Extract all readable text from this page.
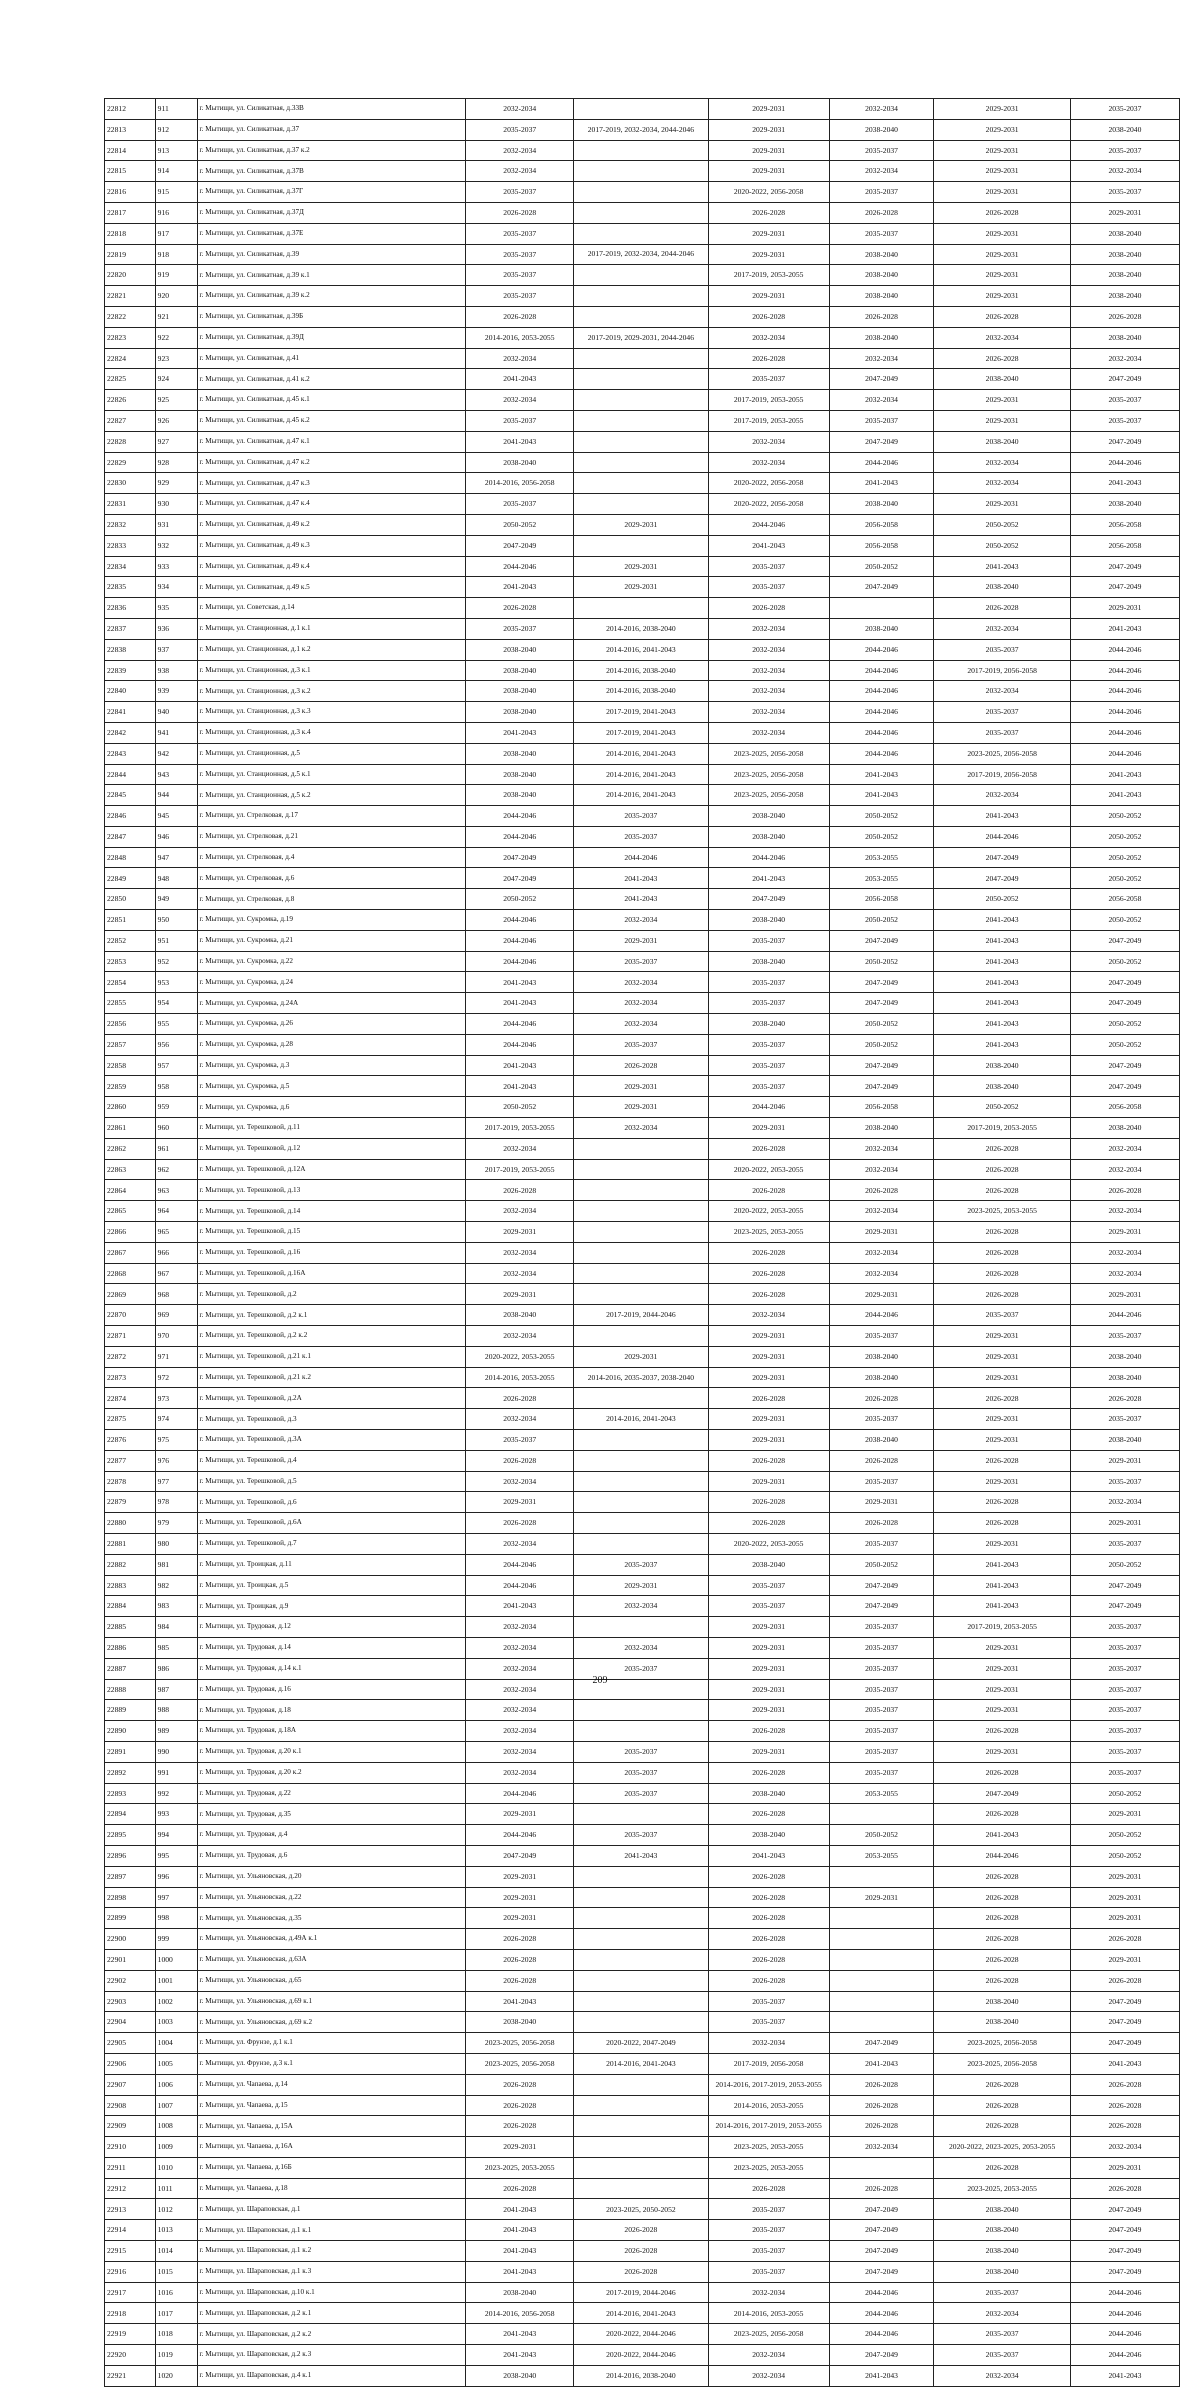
22812	911	г. Мытищи, ул. Силикатная, д.33В	2032-2034		2029-2031	2032-2034	2029-2031	2035-2037
22813	912	г. Мытищи, ул. Силикатная, д.37	2035-2037	2017-2019, 2032-2034, 2044-2046	2029-2031	2038-2040	2029-2031	2038-2040
22814	913	г. Мытищи, ул. Силикатная, д.37 к.2	2032-2034		2029-2031	2035-2037	2029-2031	2035-2037
22815	914	г. Мытищи, ул. Силикатная, д.37В	2032-2034		2029-2031	2032-2034	2029-2031	2032-2034
22816	915	г. Мытищи, ул. Силикатная, д.37Г	2035-2037		2020-2022, 2056-2058	2035-2037	2029-2031	2035-2037
22817	916	г. Мытищи, ул. Силикатная, д.37Д	2026-2028		2026-2028	2026-2028	2026-2028	2029-2031
22818	917	г. Мытищи, ул. Силикатная, д.37Е	2035-2037		2029-2031	2035-2037	2029-2031	2038-2040
22819	918	г. Мытищи, ул. Силикатная, д.39	2035-2037	2017-2019, 2032-2034, 2044-2046	2029-2031	2038-2040	2029-2031	2038-2040
22820	919	г. Мытищи, ул. Силикатная, д.39 к.1	2035-2037		2017-2019, 2053-2055	2038-2040	2029-2031	2038-2040
22821	920	г. Мытищи, ул. Силикатная, д.39 к.2	2035-2037		2029-2031	2038-2040	2029-2031	2038-2040
22822	921	г. Мытищи, ул. Силикатная, д.39Б	2026-2028		2026-2028	2026-2028	2026-2028	2026-2028
22823	922	г. Мытищи, ул. Силикатная, д.39Д	2014-2016, 2053-2055	2017-2019, 2029-2031, 2044-2046	2032-2034	2038-2040	2032-2034	2038-2040
22824	923	г. Мытищи, ул. Силикатная, д.41	2032-2034		2026-2028	2032-2034	2026-2028	2032-2034
22825	924	г. Мытищи, ул. Силикатная, д.41 к.2	2041-2043		2035-2037	2047-2049	2038-2040	2047-2049
22826	925	г. Мытищи, ул. Силикатная, д.45 к.1	2032-2034		2017-2019, 2053-2055	2032-2034	2029-2031	2035-2037
22827	926	г. Мытищи, ул. Силикатная, д.45 к.2	2035-2037		2017-2019, 2053-2055	2035-2037	2029-2031	2035-2037
22828	927	г. Мытищи, ул. Силикатная, д.47 к.1	2041-2043		2032-2034	2047-2049	2038-2040	2047-2049
22829	928	г. Мытищи, ул. Силикатная, д.47 к.2	2038-2040		2032-2034	2044-2046	2032-2034	2044-2046
22830	929	г. Мытищи, ул. Силикатная, д.47 к.3	2014-2016, 2056-2058		2020-2022, 2056-2058	2041-2043	2032-2034	2041-2043
22831	930	г. Мытищи, ул. Силикатная, д.47 к.4	2035-2037		2020-2022, 2056-2058	2038-2040	2029-2031	2038-2040
22832	931	г. Мытищи, ул. Силикатная, д.49 к.2	2050-2052	2029-2031	2044-2046	2056-2058	2050-2052	2056-2058
22833	932	г. Мытищи, ул. Силикатная, д.49 к.3	2047-2049		2041-2043	2056-2058	2050-2052	2056-2058
22834	933	г. Мытищи, ул. Силикатная, д.49 к.4	2044-2046	2029-2031	2035-2037	2050-2052	2041-2043	2047-2049
22835	934	г. Мытищи, ул. Силикатная, д.49 к.5	2041-2043	2029-2031	2035-2037	2047-2049	2038-2040	2047-2049
22836	935	г. Мытищи, ул. Советская, д.14	2026-2028		2026-2028		2026-2028	2029-2031
22837	936	г. Мытищи, ул. Станционная, д.1 к.1	2035-2037	2014-2016, 2038-2040	2032-2034	2038-2040	2032-2034	2041-2043
22838	937	г. Мытищи, ул. Станционная, д.1 к.2	2038-2040	2014-2016, 2041-2043	2032-2034	2044-2046	2035-2037	2044-2046
22839	938	г. Мытищи, ул. Станционная, д.3 к.1	2038-2040	2014-2016, 2038-2040	2032-2034	2044-2046	2017-2019, 2056-2058	2044-2046
22840	939	г. Мытищи, ул. Станционная, д.3 к.2	2038-2040	2014-2016, 2038-2040	2032-2034	2044-2046	2032-2034	2044-2046
22841	940	г. Мытищи, ул. Станционная, д.3 к.3	2038-2040	2017-2019, 2041-2043	2032-2034	2044-2046	2035-2037	2044-2046
22842	941	г. Мытищи, ул. Станционная, д.3 к.4	2041-2043	2017-2019, 2041-2043	2032-2034	2044-2046	2035-2037	2044-2046
22843	942	г. Мытищи, ул. Станционная, д.5	2038-2040	2014-2016, 2041-2043	2023-2025, 2056-2058	2044-2046	2023-2025, 2056-2058	2044-2046
22844	943	г. Мытищи, ул. Станционная, д.5 к.1	2038-2040	2014-2016, 2041-2043	2023-2025, 2056-2058	2041-2043	2017-2019, 2056-2058	2041-2043
22845	944	г. Мытищи, ул. Станционная, д.5 к.2	2038-2040	2014-2016, 2041-2043	2023-2025, 2056-2058	2041-2043	2032-2034	2041-2043
22846	945	г. Мытищи, ул. Стрелковая, д.17	2044-2046	2035-2037	2038-2040	2050-2052	2041-2043	2050-2052
22847	946	г. Мытищи, ул. Стрелковая, д.21	2044-2046	2035-2037	2038-2040	2050-2052	2044-2046	2050-2052
22848	947	г. Мытищи, ул. Стрелковая, д.4	2047-2049	2044-2046	2044-2046	2053-2055	2047-2049	2050-2052
22849	948	г. Мытищи, ул. Стрелковая, д.6	2047-2049	2041-2043	2041-2043	2053-2055	2047-2049	2050-2052
22850	949	г. Мытищи, ул. Стрелковая, д.8	2050-2052	2041-2043	2047-2049	2056-2058	2050-2052	2056-2058
22851	950	г. Мытищи, ул. Сукромка, д.19	2044-2046	2032-2034	2038-2040	2050-2052	2041-2043	2050-2052
22852	951	г. Мытищи, ул. Сукромка, д.21	2044-2046	2029-2031	2035-2037	2047-2049	2041-2043	2047-2049
22853	952	г. Мытищи, ул. Сукромка, д.22	2044-2046	2035-2037	2038-2040	2050-2052	2041-2043	2050-2052
22854	953	г. Мытищи, ул. Сукромка, д.24	2041-2043	2032-2034	2035-2037	2047-2049	2041-2043	2047-2049
22855	954	г. Мытищи, ул. Сукромка, д.24А	2041-2043	2032-2034	2035-2037	2047-2049	2041-2043	2047-2049
22856	955	г. Мытищи, ул. Сукромка, д.26	2044-2046	2032-2034	2038-2040	2050-2052	2041-2043	2050-2052
22857	956	г. Мытищи, ул. Сукромка, д.28	2044-2046	2035-2037	2035-2037	2050-2052	2041-2043	2050-2052
22858	957	г. Мытищи, ул. Сукромка, д.3	2041-2043	2026-2028	2035-2037	2047-2049	2038-2040	2047-2049
22859	958	г. Мытищи, ул. Сукромка, д.5	2041-2043	2029-2031	2035-2037	2047-2049	2038-2040	2047-2049
22860	959	г. Мытищи, ул. Сукромка, д.6	2050-2052	2029-2031	2044-2046	2056-2058	2050-2052	2056-2058
22861	960	г. Мытищи, ул. Терешковой, д.11	2017-2019, 2053-2055	2032-2034	2029-2031	2038-2040	2017-2019, 2053-2055	2038-2040
22862	961	г. Мытищи, ул. Терешковой, д.12	2032-2034		2026-2028	2032-2034	2026-2028	2032-2034
22863	962	г. Мытищи, ул. Терешковой, д.12А	2017-2019, 2053-2055		2020-2022, 2053-2055	2032-2034	2026-2028	2032-2034
22864	963	г. Мытищи, ул. Терешковой, д.13	2026-2028		2026-2028	2026-2028	2026-2028	2026-2028
22865	964	г. Мытищи, ул. Терешковой, д.14	2032-2034		2020-2022, 2053-2055	2032-2034	2023-2025, 2053-2055	2032-2034
22866	965	г. Мытищи, ул. Терешковой, д.15	2029-2031		2023-2025, 2053-2055	2029-2031	2026-2028	2029-2031
22867	966	г. Мытищи, ул. Терешковой, д.16	2032-2034		2026-2028	2032-2034	2026-2028	2032-2034
22868	967	г. Мытищи, ул. Терешковой, д.16А	2032-2034		2026-2028	2032-2034	2026-2028	2032-2034
22869	968	г. Мытищи, ул. Терешковой, д.2	2029-2031		2026-2028	2029-2031	2026-2028	2029-2031
22870	969	г. Мытищи, ул. Терешковой, д.2 к.1	2038-2040	2017-2019, 2044-2046	2032-2034	2044-2046	2035-2037	2044-2046
22871	970	г. Мытищи, ул. Терешковой, д.2 к.2	2032-2034		2029-2031	2035-2037	2029-2031	2035-2037
22872	971	г. Мытищи, ул. Терешковой, д.21 к.1	2020-2022, 2053-2055	2029-2031	2029-2031	2038-2040	2029-2031	2038-2040
22873	972	г. Мытищи, ул. Терешковой, д.21 к.2	2014-2016, 2053-2055	2014-2016, 2035-2037, 2038-2040	2029-2031	2038-2040	2029-2031	2038-2040
22874	973	г. Мытищи, ул. Терешковой, д.2А	2026-2028		2026-2028	2026-2028	2026-2028	2026-2028
22875	974	г. Мытищи, ул. Терешковой, д.3	2032-2034	2014-2016, 2041-2043	2029-2031	2035-2037	2029-2031	2035-2037
22876	975	г. Мытищи, ул. Терешковой, д.3А	2035-2037		2029-2031	2038-2040	2029-2031	2038-2040
22877	976	г. Мытищи, ул. Терешковой, д.4	2026-2028		2026-2028	2026-2028	2026-2028	2029-2031
22878	977	г. Мытищи, ул. Терешковой, д.5	2032-2034		2029-2031	2035-2037	2029-2031	2035-2037
22879	978	г. Мытищи, ул. Терешковой, д.6	2029-2031		2026-2028	2029-2031	2026-2028	2032-2034
22880	979	г. Мытищи, ул. Терешковой, д.6А	2026-2028		2026-2028	2026-2028	2026-2028	2029-2031
22881	980	г. Мытищи, ул. Терешковой, д.7	2032-2034		2020-2022, 2053-2055	2035-2037	2029-2031	2035-2037
22882	981	г. Мытищи, ул. Троицкая, д.11	2044-2046	2035-2037	2038-2040	2050-2052	2041-2043	2050-2052
22883	982	г. Мытищи, ул. Троицкая, д.5	2044-2046	2029-2031	2035-2037	2047-2049	2041-2043	2047-2049
22884	983	г. Мытищи, ул. Троицкая, д.9	2041-2043	2032-2034	2035-2037	2047-2049	2041-2043	2047-2049
22885	984	г. Мытищи, ул. Трудовая, д.12	2032-2034		2029-2031	2035-2037	2017-2019, 2053-2055	2035-2037
22886	985	г. Мытищи, ул. Трудовая, д.14	2032-2034	2032-2034	2029-2031	2035-2037	2029-2031	2035-2037
22887	986	г. Мытищи, ул. Трудовая, д.14 к.1	2032-2034	2035-2037	2029-2031	2035-2037	2029-2031	2035-2037
22888	987	г. Мытищи, ул. Трудовая, д.16	2032-2034		2029-2031	2035-2037	2029-2031	2035-2037
22889	988	г. Мытищи, ул. Трудовая, д.18	2032-2034		2029-2031	2035-2037	2029-2031	2035-2037
22890	989	г. Мытищи, ул. Трудовая, д.18А	2032-2034		2026-2028	2035-2037	2026-2028	2035-2037
22891	990	г. Мытищи, ул. Трудовая, д.20 к.1	2032-2034	2035-2037	2029-2031	2035-2037	2029-2031	2035-2037
22892	991	г. Мытищи, ул. Трудовая, д.20 к.2	2032-2034	2035-2037	2026-2028	2035-2037	2026-2028	2035-2037
22893	992	г. Мытищи, ул. Трудовая, д.22	2044-2046	2035-2037	2038-2040	2053-2055	2047-2049	2050-2052
22894	993	г. Мытищи, ул. Трудовая, д.35	2029-2031		2026-2028		2026-2028	2029-2031
22895	994	г. Мытищи, ул. Трудовая, д.4	2044-2046	2035-2037	2038-2040	2050-2052	2041-2043	2050-2052
22896	995	г. Мытищи, ул. Трудовая, д.6	2047-2049	2041-2043	2041-2043	2053-2055	2044-2046	2050-2052
22897	996	г. Мытищи, ул. Ульяновская, д.20	2029-2031		2026-2028		2026-2028	2029-2031
22898	997	г. Мытищи, ул. Ульяновская, д.22	2029-2031		2026-2028	2029-2031	2026-2028	2029-2031
22899	998	г. Мытищи, ул. Ульяновская, д.35	2029-2031		2026-2028		2026-2028	2029-2031
22900	999	г. Мытищи, ул. Ульяновская, д.49А к.1	2026-2028		2026-2028		2026-2028	2026-2028
22901	1000	г. Мытищи, ул. Ульяновская, д.63А	2026-2028		2026-2028		2026-2028	2029-2031
22902	1001	г. Мытищи, ул. Ульяновская, д.65	2026-2028		2026-2028		2026-2028	2026-2028
22903	1002	г. Мытищи, ул. Ульяновская, д.69 к.1	2041-2043		2035-2037		2038-2040	2047-2049
22904	1003	г. Мытищи, ул. Ульяновская, д.69 к.2	2038-2040		2035-2037		2038-2040	2047-2049
22905	1004	г. Мытищи, ул. Фрунзе, д.1 к.1	2023-2025, 2056-2058	2020-2022, 2047-2049	2032-2034	2047-2049	2023-2025, 2056-2058	2047-2049
22906	1005	г. Мытищи, ул. Фрунзе, д.3 к.1	2023-2025, 2056-2058	2014-2016, 2041-2043	2017-2019, 2056-2058	2041-2043	2023-2025, 2056-2058	2041-2043
22907	1006	г. Мытищи, ул. Чапаева, д.14	2026-2028		2014-2016, 2017-2019, 2053-2055	2026-2028	2026-2028	2026-2028
22908	1007	г. Мытищи, ул. Чапаева, д.15	2026-2028		2014-2016, 2053-2055	2026-2028	2026-2028	2026-2028
22909	1008	г. Мытищи, ул. Чапаева, д.15А	2026-2028		2014-2016, 2017-2019, 2053-2055	2026-2028	2026-2028	2026-2028
22910	1009	г. Мытищи, ул. Чапаева, д.16А	2029-2031		2023-2025, 2053-2055	2032-2034	2020-2022, 2023-2025, 2053-2055	2032-2034
22911	1010	г. Мытищи, ул. Чапаева, д.16Б	2023-2025, 2053-2055		2023-2025, 2053-2055		2026-2028	2029-2031
22912	1011	г. Мытищи, ул. Чапаева, д.18	2026-2028		2026-2028	2026-2028	2023-2025, 2053-2055	2026-2028
22913	1012	г. Мытищи, ул. Шараповская, д.1	2041-2043	2023-2025, 2050-2052	2035-2037	2047-2049	2038-2040	2047-2049
22914	1013	г. Мытищи, ул. Шараповская, д.1 к.1	2041-2043	2026-2028	2035-2037	2047-2049	2038-2040	2047-2049
22915	1014	г. Мытищи, ул. Шараповская, д.1 к.2	2041-2043	2026-2028	2035-2037	2047-2049	2038-2040	2047-2049
22916	1015	г. Мытищи, ул. Шараповская, д.1 к.3	2041-2043	2026-2028	2035-2037	2047-2049	2038-2040	2047-2049
22917	1016	г. Мытищи, ул. Шараповская, д.10 к.1	2038-2040	2017-2019, 2044-2046	2032-2034	2044-2046	2035-2037	2044-2046
22918	1017	г. Мытищи, ул. Шараповская, д.2 к.1	2014-2016, 2056-2058	2014-2016, 2041-2043	2014-2016, 2053-2055	2044-2046	2032-2034	2044-2046
22919	1018	г. Мытищи, ул. Шараповская, д.2 к.2	2041-2043	2020-2022, 2044-2046	2023-2025, 2056-2058	2044-2046	2035-2037	2044-2046
22920	1019	г. Мытищи, ул. Шараповская, д.2 к.3	2041-2043	2020-2022, 2044-2046	2032-2034	2047-2049	2035-2037	2044-2046
22921	1020	г. Мытищи, ул. Шараповская, д.4 к.1	2038-2040	2014-2016, 2038-2040	2032-2034	2041-2043	2032-2034	2041-2043
209
